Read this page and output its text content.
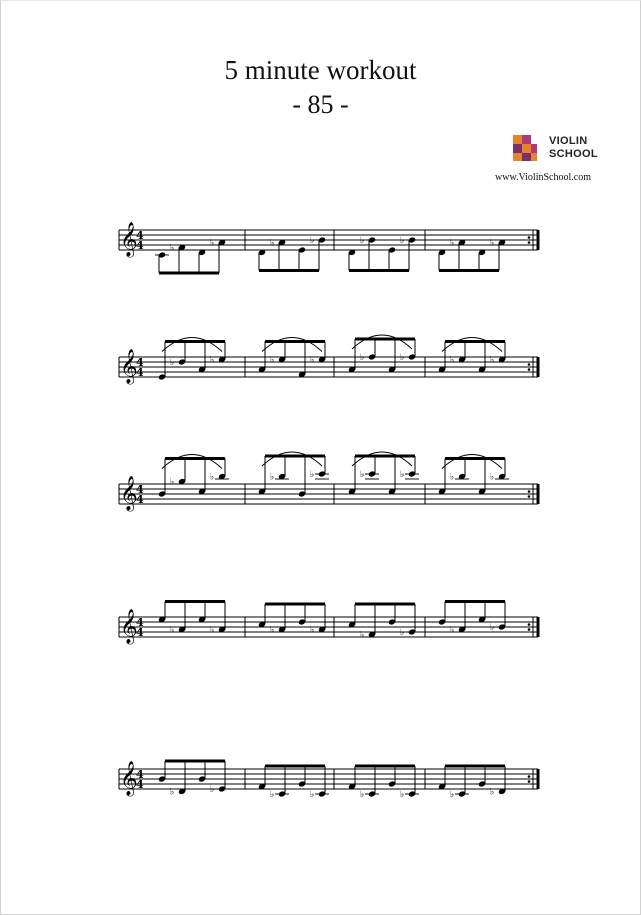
5 minute workout
- 85 -
VIOLIN
SCHOOL
www.ViolinSchool.com
𝄞
4
4	♭	♭	♭	♭	♭	♭	♭	♭
𝄞
4
4
♭	♭	♭	♭	♭	♭	♭	♭
𝄞
4
4
♭	♭	♭	♭	♭	♭	♭	♭
𝄞
4
4	♭	♭	♭	♭	♭	♭	♭	♭
𝄞
4
4
♭	♭	♭	♭	♭	♭	♭	♭
